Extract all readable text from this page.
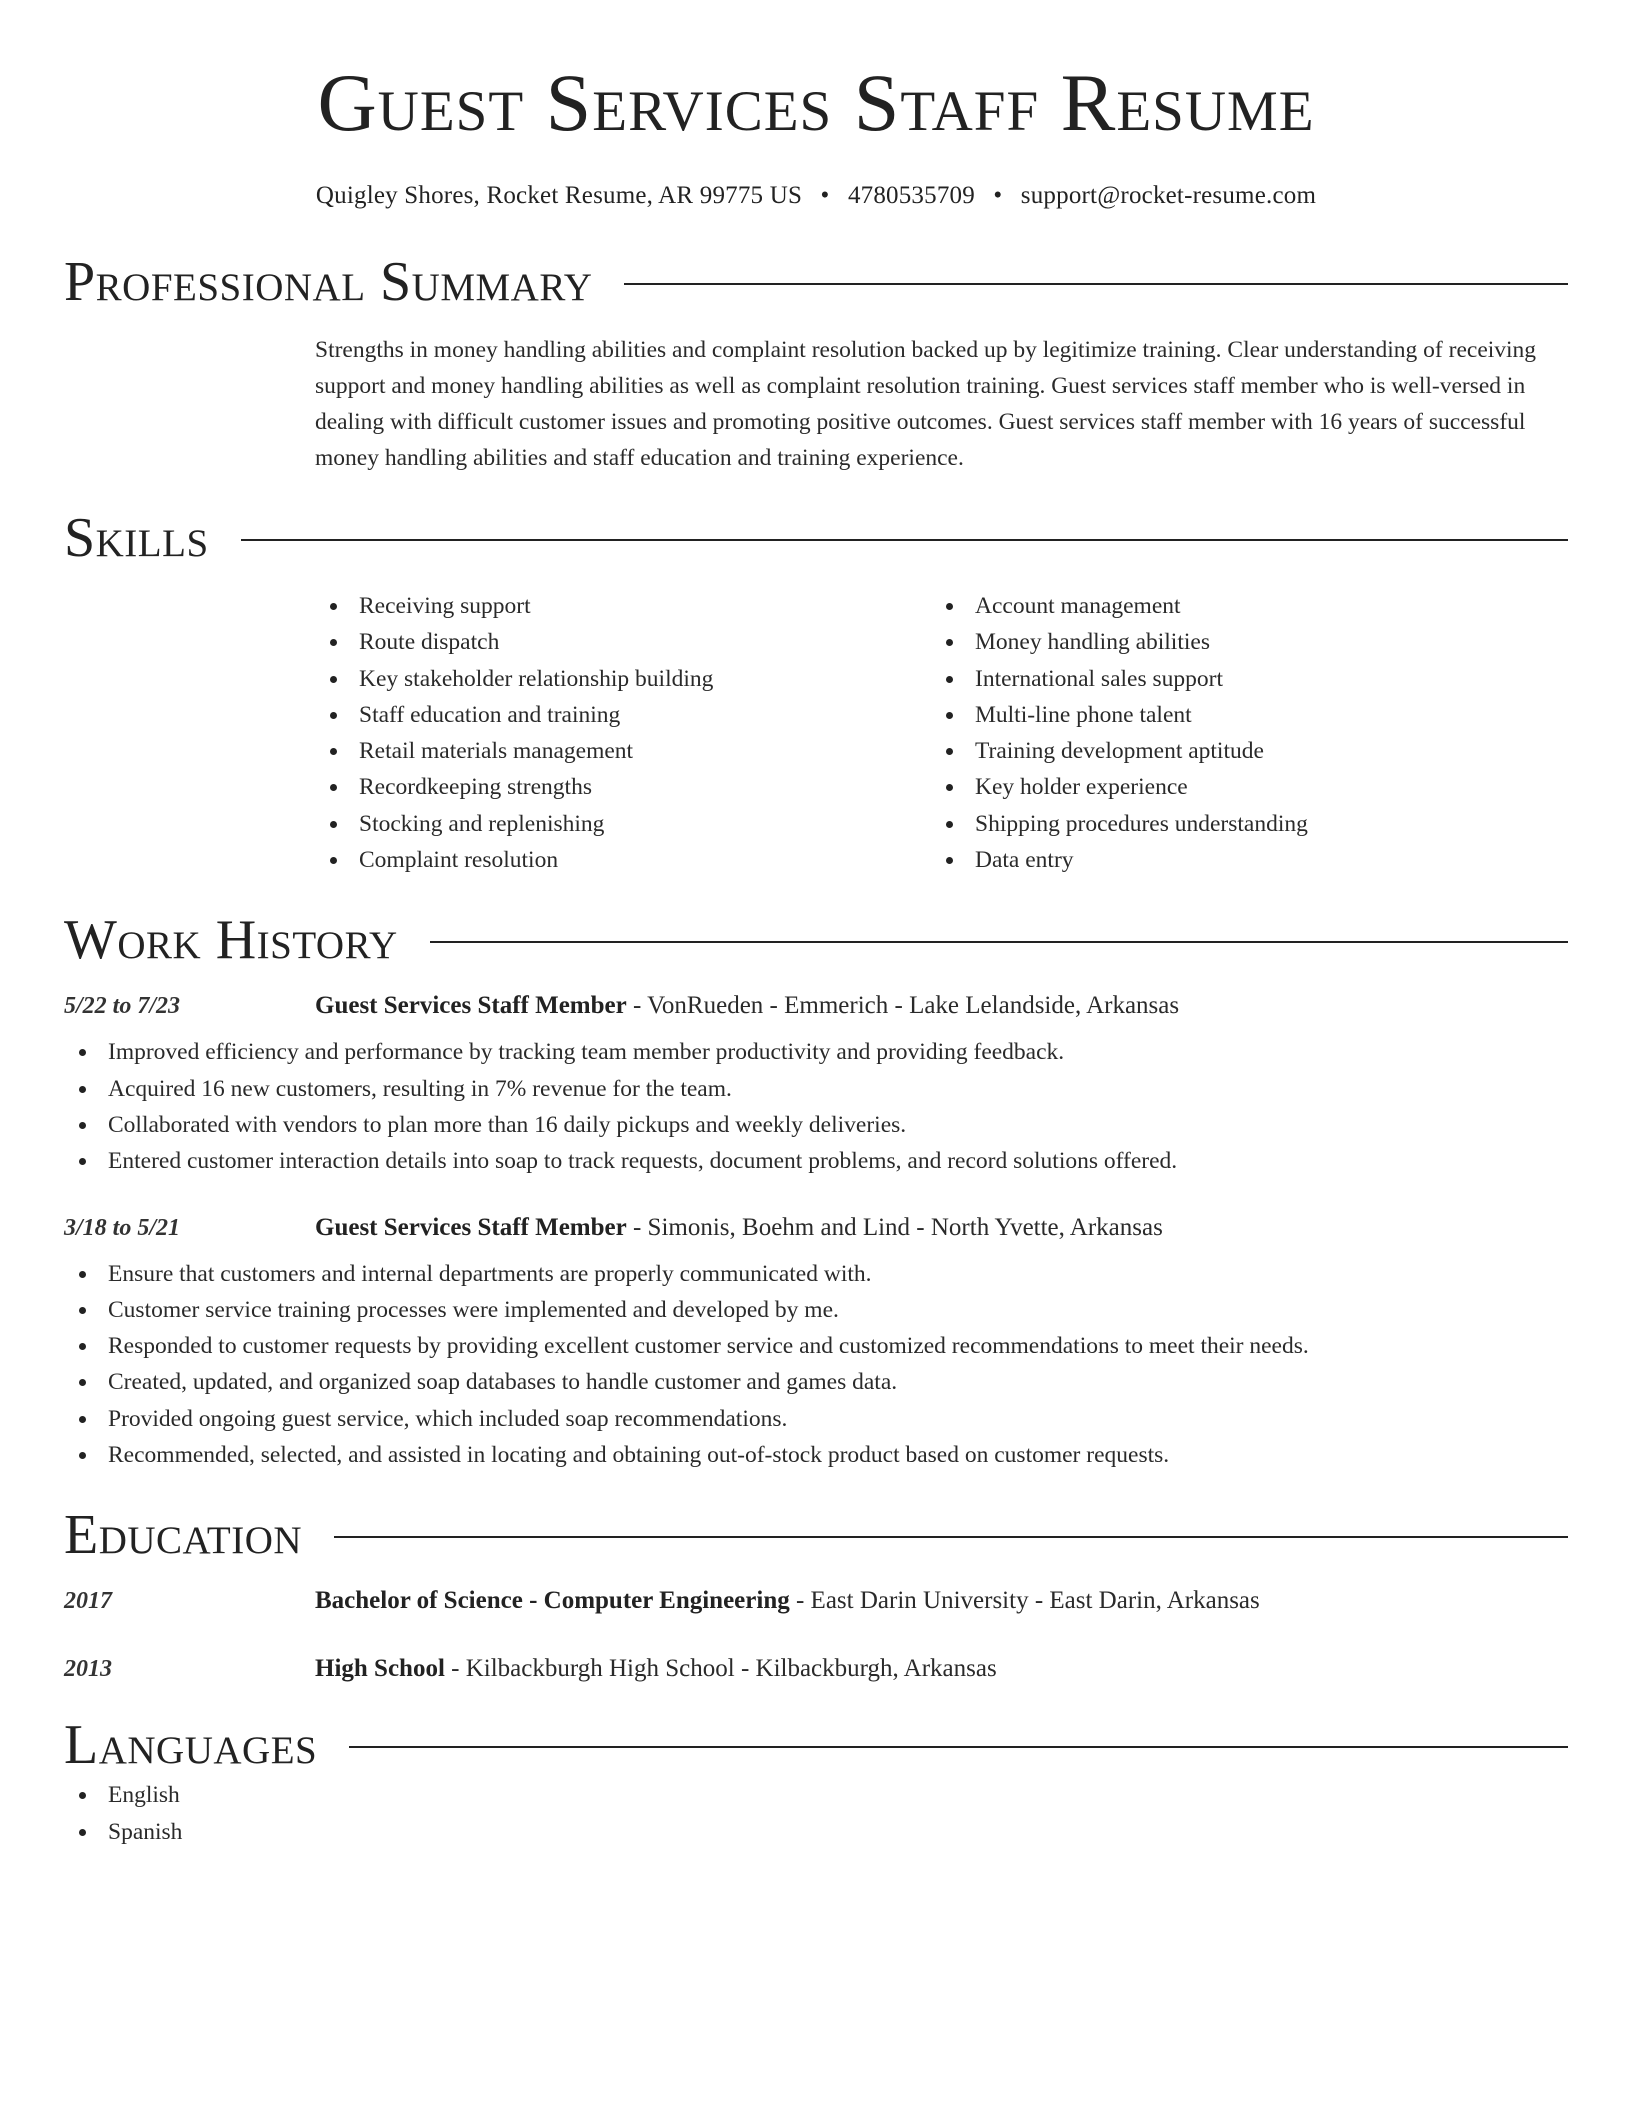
Guest Services Staff Resume
Quigley Shores, Rocket Resume, AR 99775 US • 4780535709 • support@rocket-resume.com
Professional Summary

Strengths in money handling abilities and complaint resolution backed up by legitimize training. Clear understanding of receiving support and money handling abilities as well as complaint resolution training. Guest services staff member who is well-versed in dealing with difficult customer issues and promoting positive outcomes. Guest services staff member with 16 years of successful money handling abilities and staff education and training experience.

Skills
Receiving support
Route dispatch
Key stakeholder relationship building
Staff education and training
Retail materials management
Recordkeeping strengths
Stocking and replenishing
Complaint resolution
Account management
Money handling abilities
International sales support
Multi-line phone talent
Training development aptitude
Key holder experience
Shipping procedures understanding
Data entry
Work History
5/22 to 7/23	Guest Services Staff Member - VonRueden - Emmerich - Lake Lelandside, Arkansas
Improved efficiency and performance by tracking team member productivity and providing feedback.
Acquired 16 new customers, resulting in 7% revenue for the team.
Collaborated with vendors to plan more than 16 daily pickups and weekly deliveries.
Entered customer interaction details into soap to track requests, document problems, and record solutions offered.
3/18 to 5/21	Guest Services Staff Member - Simonis, Boehm and Lind - North Yvette, Arkansas
Ensure that customers and internal departments are properly communicated with.
Customer service training processes were implemented and developed by me.
Responded to customer requests by providing excellent customer service and customized recommendations to meet their needs.
Created, updated, and organized soap databases to handle customer and games data.
Provided ongoing guest service, which included soap recommendations.
Recommended, selected, and assisted in locating and obtaining out-of-stock product based on customer requests.
Education
2017	Bachelor of Science - Computer Engineering - East Darin University - East Darin, Arkansas
2013	High School - Kilbackburgh High School - Kilbackburgh, Arkansas
Languages
English
Spanish
